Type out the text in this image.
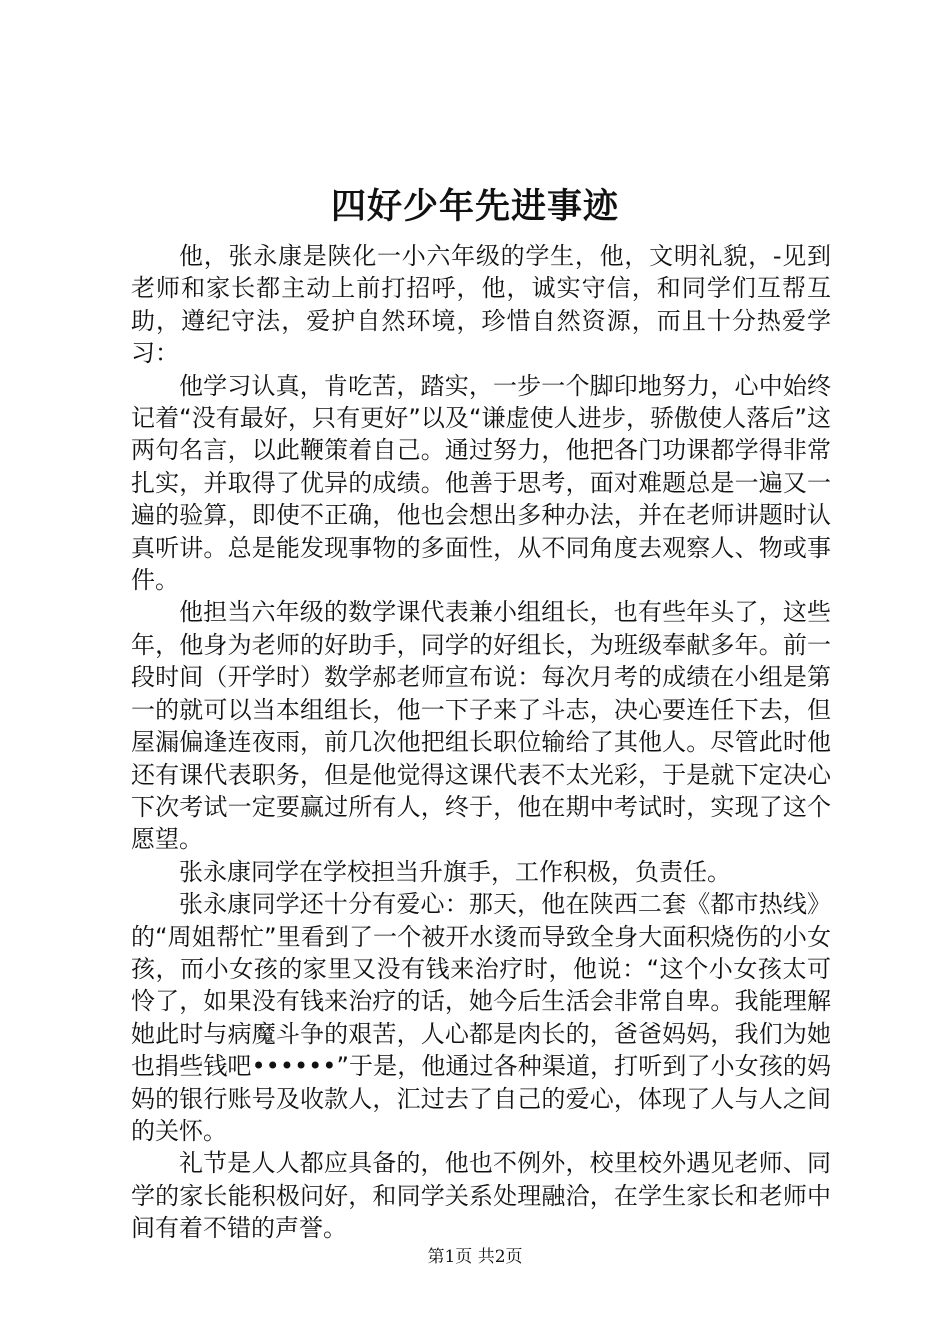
四好少年先进事迹

他，张永康是陕化一小六年级的学生，他，文明礼貌，-见到老师和家长都主动上前打招呼，他，诚实守信，和同学们互帮互助，遵纪守法，爱护自然环境，珍惜自然资源，而且十分热爱学习：

他学习认真，肯吃苦，踏实，一步一个脚印地努力，心中始终记着“没有最好，只有更好”以及“谦虚使人进步，骄傲使人落后”这两句名言，以此鞭策着自己。通过努力，他把各门功课都学得非常扎实，并取得了优异的成绩。他善于思考，面对难题总是一遍又一遍的验算，即使不正确，他也会想出多种办法，并在老师讲题时认真听讲。总是能发现事物的多面性，从不同角度去观察人、物或事件。

他担当六年级的数学课代表兼小组组长，也有些年头了，这些年，他身为老师的好助手，同学的好组长，为班级奉献多年。前一段时间（开学时）数学郝老师宣布说：每次月考的成绩在小组是第一的就可以当本组组长，他一下子来了斗志，决心要连任下去，但屋漏偏逢连夜雨，前几次他把组长职位输给了其他人。尽管此时他还有课代表职务，但是他觉得这课代表不太光彩，于是就下定决心下次考试一定要赢过所有人，终于，他在期中考试时，实现了这个愿望。

张永康同学在学校担当升旗手，工作积极，负责任。

张永康同学还十分有爱心：那天，他在陕西二套《都市热线》的“周姐帮忙”里看到了一个被开水烫而导致全身大面积烧伤的小女孩，而小女孩的家里又没有钱来治疗时，他说：“这个小女孩太可怜了，如果没有钱来治疗的话，她今后生活会非常自卑。我能理解她此时与病魔斗争的艰苦，人心都是肉长的，爸爸妈妈，我们为她也捐些钱吧••••••”于是，他通过各种渠道，打听到了小女孩的妈妈的银行账号及收款人，汇过去了自己的爱心，体现了人与人之间的关怀。

礼节是人人都应具备的，他也不例外，校里校外遇见老师、同学的家长能积极问好，和同学关系处理融洽，在学生家长和老师中间有着不错的声誉。

第1页 共2页
